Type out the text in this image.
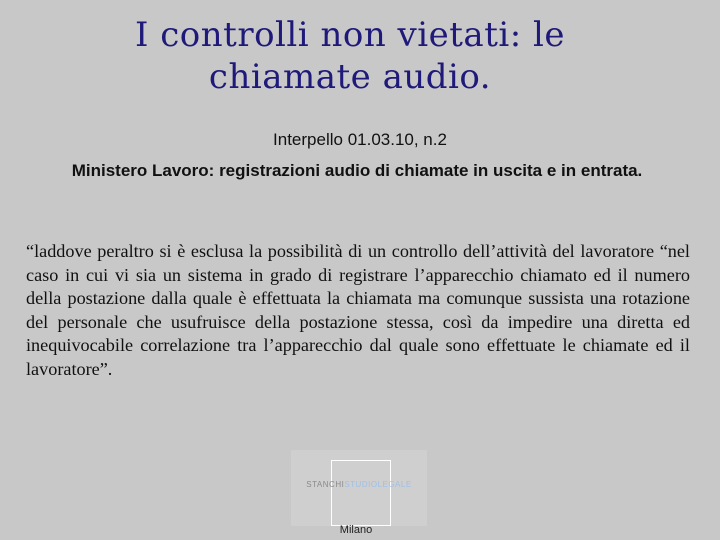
I controlli non vietati: le
chiamate audio.
Interpello 01.03.10, n.2
Ministero Lavoro: registrazioni audio di chiamate in uscita e in entrata.
“laddove peraltro si è esclusa la possibilità di un controllo dell’attività del lavoratore “nel caso in cui vi sia un sistema in grado di registrare l’apparecchio chiamato ed il numero della postazione dalla quale è effettuata la chiamata ma comunque sussista una rotazione del personale che usufruisce della postazione stessa, così da impedire una diretta ed inequivocabile correlazione tra l’apparecchio dal quale sono effettuate le chiamate ed il lavoratore”.
STANCHISTUDIOLEGALE
Milano
